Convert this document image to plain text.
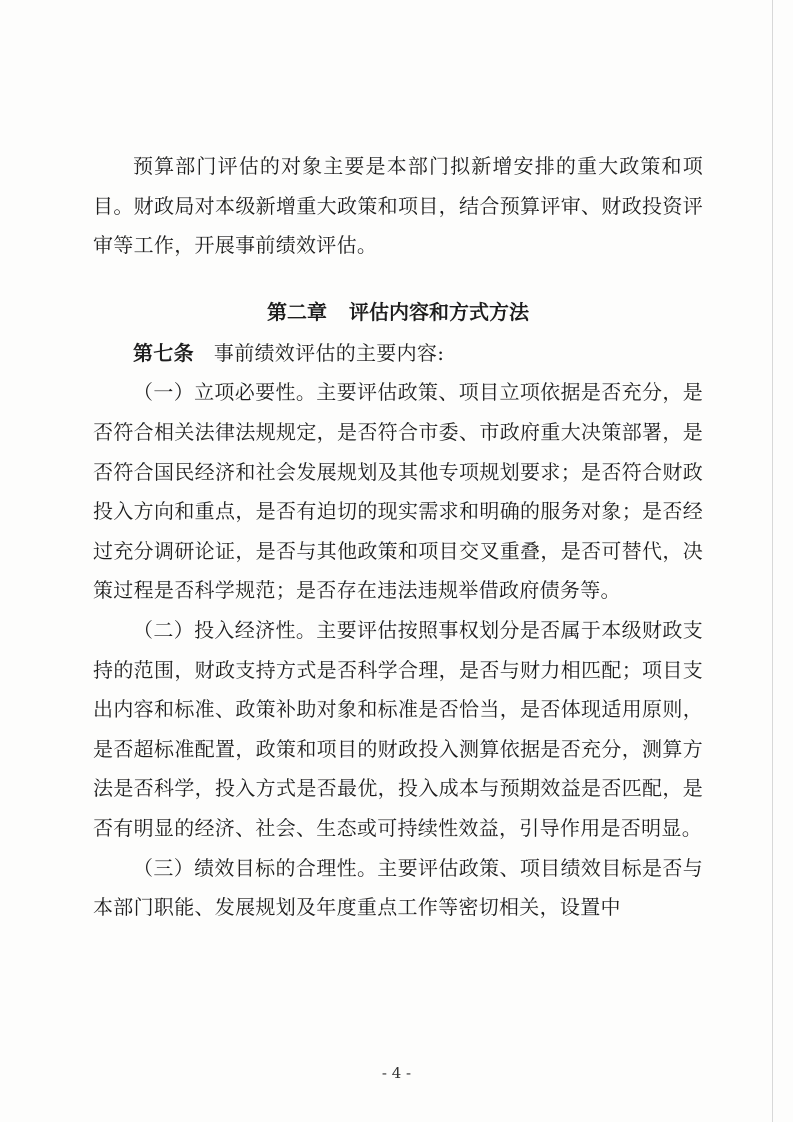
预算部门评估的对象主要是本部门拟新增安排的重大政策和项目。财政局对本级新增重大政策和项目，结合预算评审、财政投资评审等工作，开展事前绩效评估。

第二章 评估内容和方式方法

第七条 事前绩效评估的主要内容:

（一）立项必要性。主要评估政策、项目立项依据是否充分，是否符合相关法律法规规定，是否符合市委、市政府重大决策部署，是否符合国民经济和社会发展规划及其他专项规划要求；是否符合财政投入方向和重点，是否有迫切的现实需求和明确的服务对象；是否经过充分调研论证，是否与其他政策和项目交叉重叠，是否可替代，决策过程是否科学规范；是否存在违法违规举借政府债务等。

（二）投入经济性。主要评估按照事权划分是否属于本级财政支持的范围，财政支持方式是否科学合理，是否与财力相匹配；项目支出内容和标准、政策补助对象和标准是否恰当，是否体现适用原则，是否超标准配置，政策和项目的财政投入测算依据是否充分，测算方法是否科学，投入方式是否最优，投入成本与预期效益是否匹配，是否有明显的经济、社会、生态或可持续性效益，引导作用是否明显。

（三）绩效目标的合理性。主要评估政策、项目绩效目标是否与本部门职能、发展规划及年度重点工作等密切相关，设置中

- 4 -
